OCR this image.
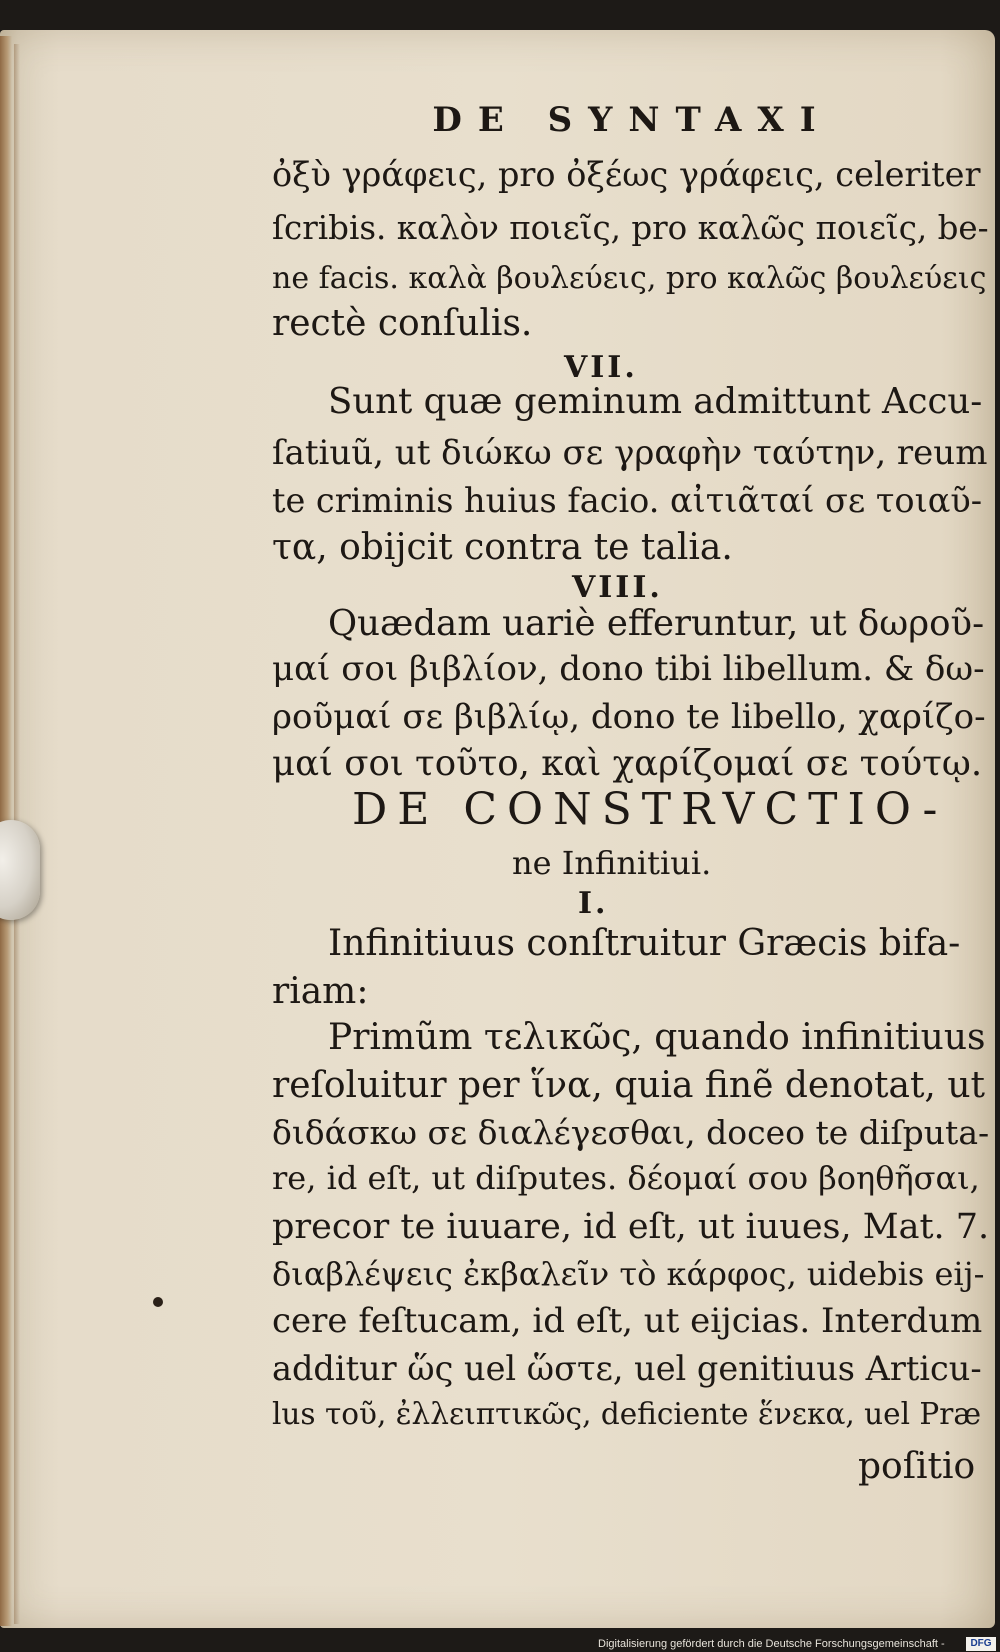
DE SYNTAXI
ὀξὺ γράφεις, pro ὀξέως γράφεις, celeriter
ſcribis. καλὸν ποιεῖς, pro καλῶς ποιεῖς, be-
ne facis. καλὰ βουλεύεις, pro καλῶς βουλεύεις
rectè conſulis.
VII.
Sunt quæ geminum admittunt Accu-
ſatiuũ, ut διώκω σε γραφὴν ταύτην, reum
te criminis huius facio. αἰτιᾶταί σε τοιαῦ-
τα, obijcit contra te talia.
VIII.
Quædam uariè efferuntur, ut δωροῦ-
μαί σοι βιβλίον, dono tibi libellum. & δω-
ροῦμαί σε βιβλίῳ, dono te libello, χαρίζο-
μαί σοι τοῦτο, καὶ χαρίζομαί σε τούτῳ.
DE CONSTRVCTIO-
ne Infinitiui.
I.
Infinitiuus conſtruitur Græcis bifa-
riam:
Primũm τελικῶς, quando infinitiuus
reſoluitur per ἵνα, quia finẽ denotat, ut
διδάσκω σε διαλέγεσθαι, doceo te diſputa-
re, id eſt, ut diſputes. δέομαί σου βοηθῆσαι,
precor te iuuare, id eſt, ut iuues, Mat. 7.
διαβλέψεις ἐκβαλεῖν τὸ κάρφος, uidebis eij-
cere feſtucam, id eſt, ut eijcias. Interdum
additur ὥς uel ὥστε, uel genitiuus Articu-
lus τοῦ, ἐλλειπτικῶς, deficiente ἕνεκα, uel Præ
poſitio
Digitalisierung gefördert durch die Deutsche Forschungsgemeinschaft -	DFG
